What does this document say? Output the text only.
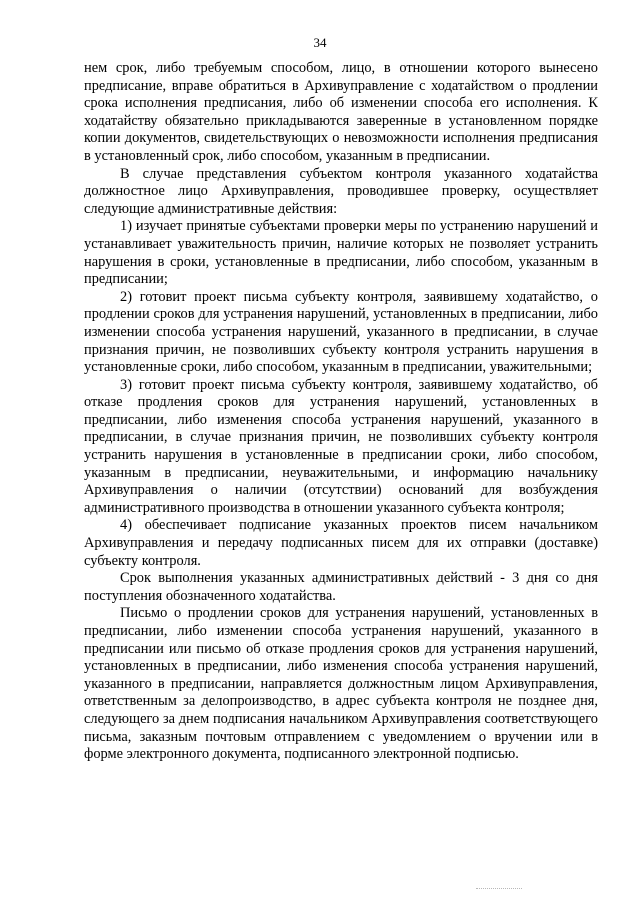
34

нем срок, либо требуемым способом, лицо, в отношении которого вынесено предписание, вправе обратиться в Архивуправление с ходатайством о продлении срока исполнения предписания, либо об изменении способа его исполнения. К ходатайству обязательно прикладываются заверенные в установленном порядке копии документов, свидетельствующих о невозможности исполнения предписания в установленный срок, либо способом, указанным в предписании.

В случае представления субъектом контроля указанного ходатайства должностное лицо Архивуправления, проводившее проверку, осуществляет следующие административные действия:

1) изучает принятые субъектами проверки меры по устранению нарушений и устанавливает уважительность причин, наличие которых не позволяет устранить нарушения в сроки, установленные в предписании, либо способом, указанным в предписании;

2) готовит проект письма субъекту контроля, заявившему ходатайство, о продлении сроков для устранения нарушений, установленных в предписании, либо изменении способа устранения нарушений, указанного в предписании, в случае признания причин, не позволивших субъекту контроля устранить нарушения в установленные сроки, либо способом, указанным в предписании, уважительными;

3) готовит проект письма субъекту контроля, заявившему ходатайство, об отказе продления сроков для устранения нарушений, установленных в предписании, либо изменения способа устранения нарушений, указанного в предписании, в случае признания причин, не позволивших субъекту контроля устранить нарушения в установленные в предписании сроки, либо способом, указанным в предписании, неуважительными, и информацию начальнику Архивуправления о наличии (отсутствии) оснований для возбуждения административного производства в отношении указанного субъекта контроля;

4) обеспечивает подписание указанных проектов писем начальником Архивуправления и передачу подписанных писем для их отправки (доставке) субъекту контроля.

Срок выполнения указанных административных действий - 3 дня со дня поступления обозначенного ходатайства.

Письмо о продлении сроков для устранения нарушений, установленных в предписании, либо изменении способа устранения нарушений, указанного в предписании или письмо об отказе продления сроков для устранения нарушений, установленных в предписании, либо изменения способа устранения нарушений, указанного в предписании, направляется должностным лицом Архивуправления, ответственным за делопроизводство, в адрес субъекта контроля не позднее дня, следующего за днем подписания начальником Архивуправления соответствующего письма, заказным почтовым отправлением с уведомлением о вручении или в форме электронного документа, подписанного электронной подписью.
